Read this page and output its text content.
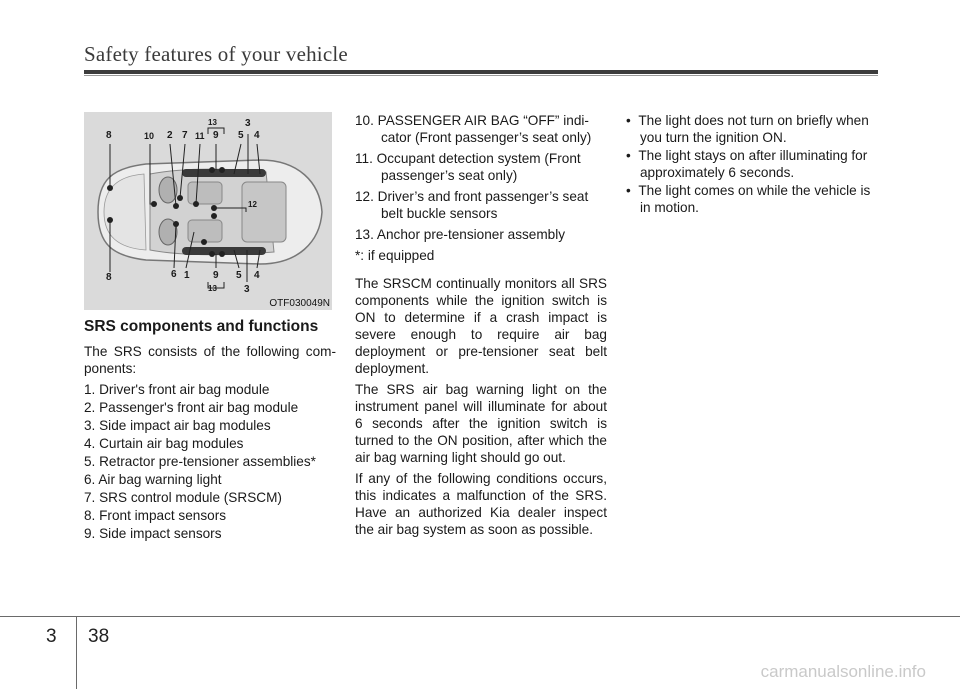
Safety features of your vehicle
8	10 2 7 11
13
9
3
5 4
8	6 1 9
13
5
3
4
12
OTF030049N
SRS components and functions
The SRS consists of the following com-ponents:
1. Driver's front air bag module
2. Passenger's front air bag module
3. Side impact air bag modules
4. Curtain air bag modules
5. Retractor pre-tensioner assemblies*
6. Air bag warning light
7. SRS control module (SRSCM)
8. Front impact sensors
9. Side impact sensors
10. PASSENGER AIR BAG “OFF” indi-cator (Front passenger’s seat only)
11. Occupant detection system (Front passenger’s seat only)
12. Driver’s and front passenger’s seat belt buckle sensors
13. Anchor pre-tensioner assembly
*: if equipped
The SRSCM continually monitors all SRS components while the ignition switch is ON to determine if a crash impact is severe enough to require air bag deployment or pre-tensioner seat belt deployment.
The SRS air bag warning light on the instrument panel will illuminate for about 6 seconds after the ignition switch is turned to the ON position, after which the air bag warning light should go out.
If any of the following conditions occurs, this indicates a malfunction of the SRS. Have an authorized Kia dealer inspect the air bag system as soon as possible.
•  The light does not turn on briefly when you turn the ignition ON.
•  The light stays on after illuminating for approximately 6 seconds.
•  The light comes on while the vehicle is in motion.
3 38
carmanualsonline.info
